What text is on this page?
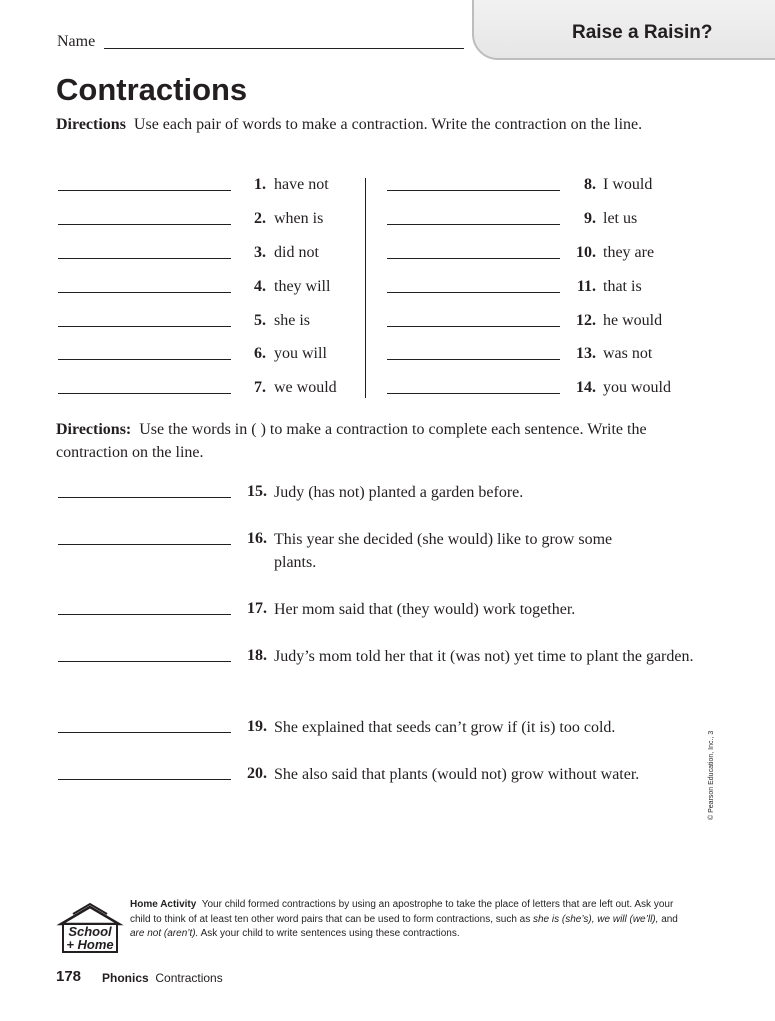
Raise a Raisin?
Name
Contractions
Directions Use each pair of words to make a contraction. Write the contraction on the line.
1. have not
2. when is
3. did not
4. they will
5. she is
6. you will
7. we would
8. I would
9. let us
10. they are
11. that is
12. he would
13. was not
14. you would
Directions: Use the words in ( ) to make a contraction to complete each sentence. Write the contraction on the line.
15. Judy (has not) planted a garden before.
16. This year she decided (she would) like to grow some plants.
17. Her mom said that (they would) work together.
18. Judy’s mom told her that it (was not) yet time to plant the garden.
19. She explained that seeds can’t grow if (it is) too cold.
20. She also said that plants (would not) grow without water.	© Pearson Education, Inc., 3
School
+ Home
Home Activity Your child formed contractions by using an apostrophe to take the place of letters that are left out. Ask your child to think of at least ten other word pairs that can be used to form contractions, such as she is (she’s), we will (we’ll), and are not (aren’t). Ask your child to write sentences using these contractions.
178 Phonics Contractions
